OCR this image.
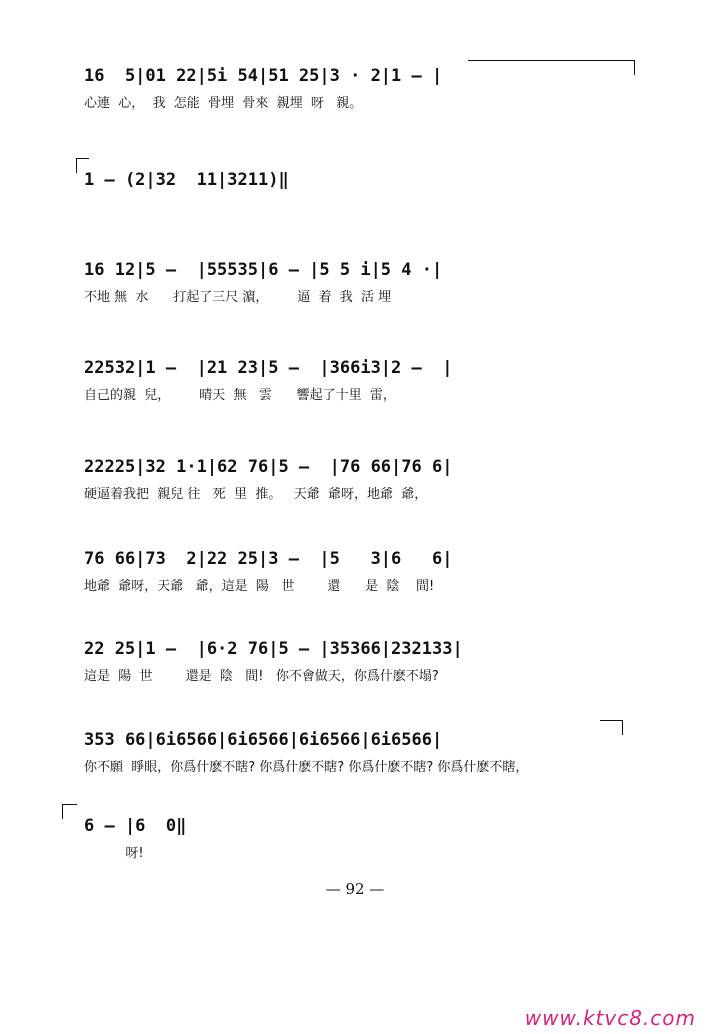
16  5|01 22|5i 54|51 25|3 · 2|1 — |
心連  心，  我  怎能  骨埋  骨來  親埋  呀   親。
1 — (2|32  11|3211)‖
16 12|5 —  |55535|6 — |5 5 i|5 4 ·|
不地 無  水      打起了三尺 濵，       逼  着  我  活 埋
22532|1 —  |21 23|5 —  |366i3|2 —  |
自己的親  兒，       晴天  無   雲      響起了十里  雷，
22225|32 1·1|62 76|5 —  |76 66|76 6|
硬逼着我把  親兒 往   死  里  推。   天爺  爺呀，地爺  爺，
76 66|73  2|22 25|3 —  |5   3|6   6|
地爺  爺呀，天爺   爺，這是  陽   世        還      是  陰    間!
22 25|1 —  |6·2 76|5 — |35366|232133|
這是  陽  世        還是  陰   間!   你不會做天，你爲什麽不塌?
353 66|6i6566|6i6566|6i6566|6i6566|
你不願  睜眼，你爲什麽不瞎? 你爲什麽不瞎? 你爲什麽不瞎? 你爲什麽不瞎，
6 — |6  0‖
呀!
— 92 —
www.ktvc8.com
